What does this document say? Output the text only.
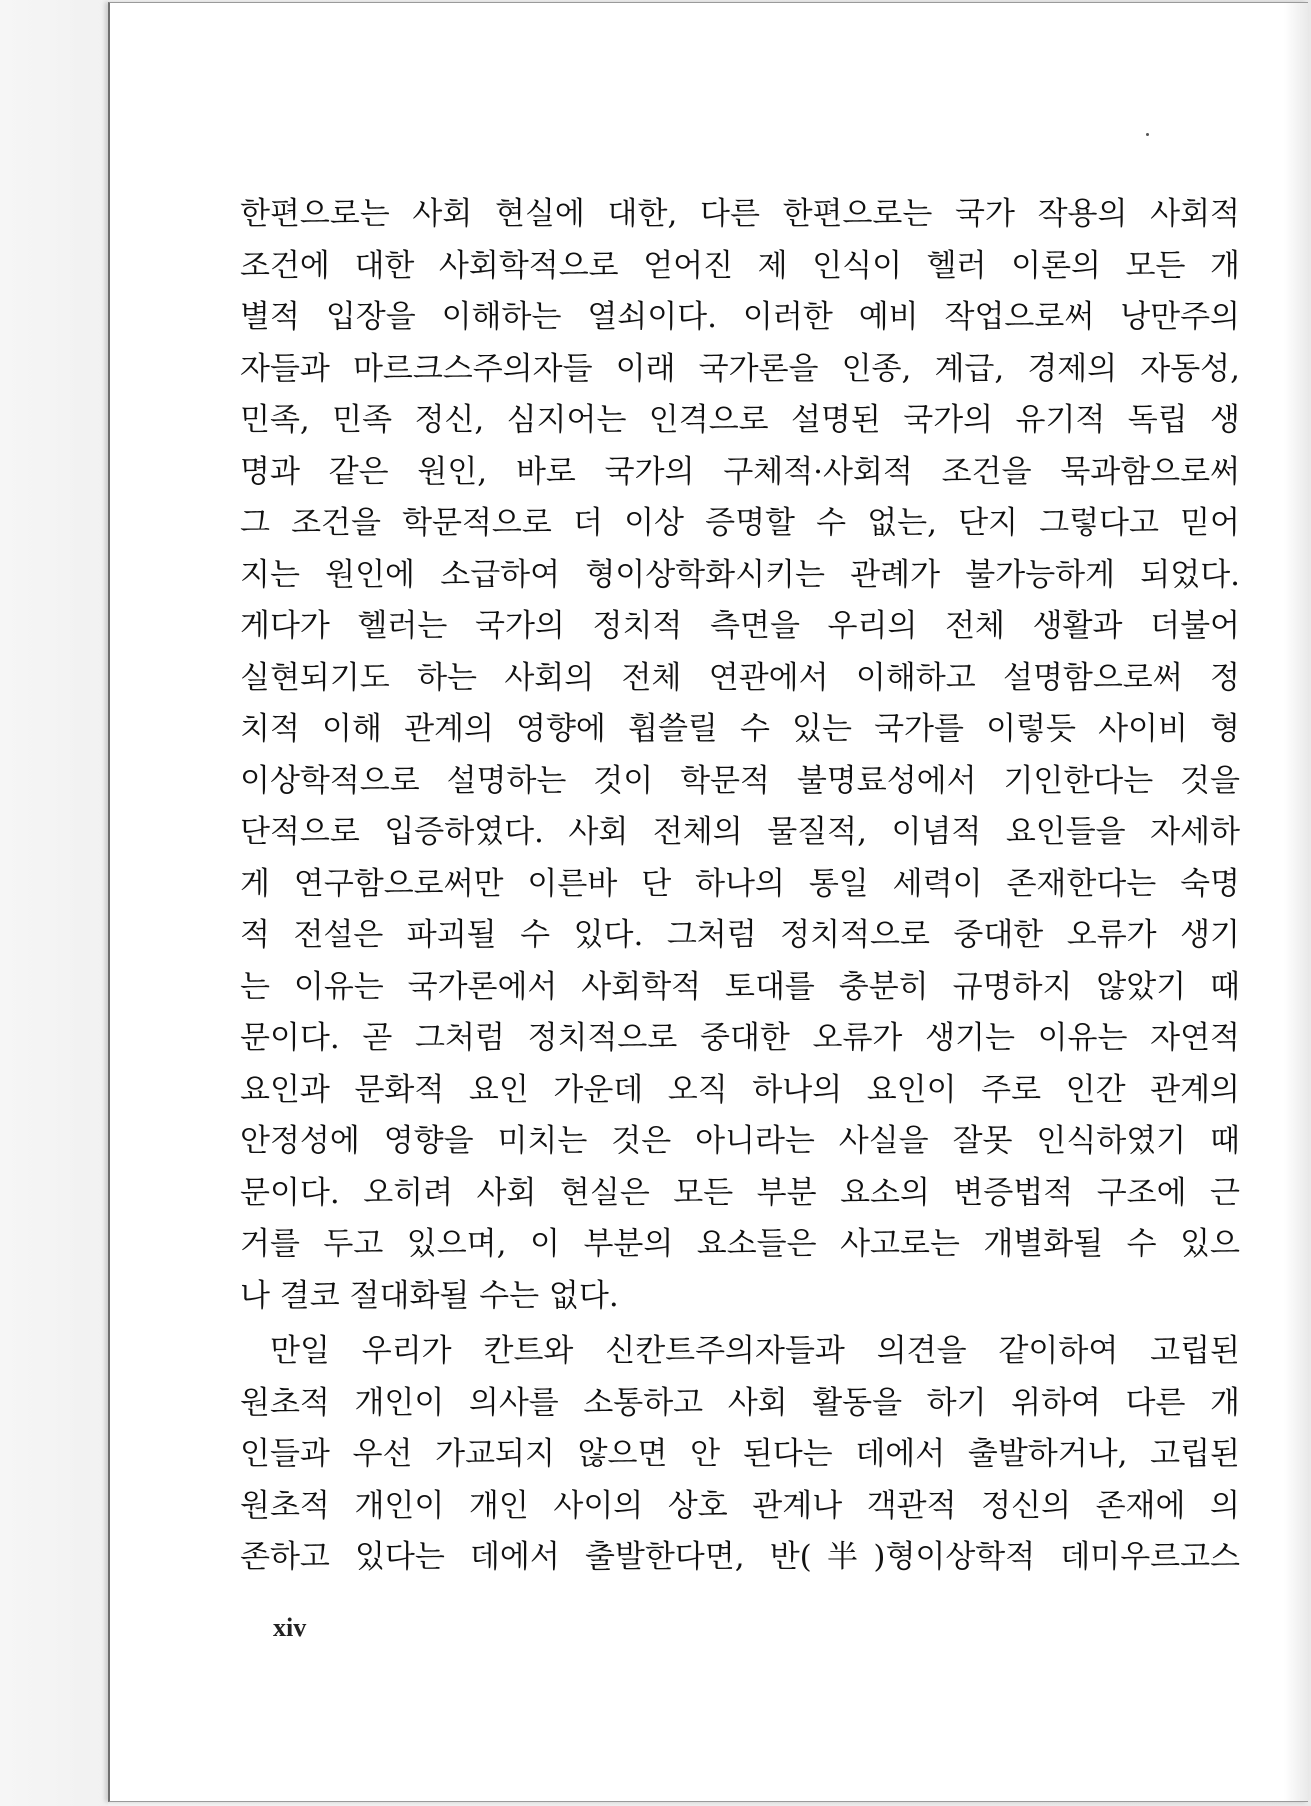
한편으로는 사회 현실에 대한, 다른 한편으로는 국가 작용의 사회적
조건에 대한 사회학적으로 얻어진 제 인식이 헬러 이론의 모든 개
별적 입장을 이해하는 열쇠이다. 이러한 예비 작업으로써 낭만주의
자들과 마르크스주의자들 이래 국가론을 인종, 계급, 경제의 자동성,
민족, 민족 정신, 심지어는 인격으로 설명된 국가의 유기적 독립 생
명과 같은 원인, 바로 국가의 구체적·사회적 조건을 묵과함으로써
그 조건을 학문적으로 더 이상 증명할 수 없는, 단지 그렇다고 믿어
지는 원인에 소급하여 형이상학화시키는 관례가 불가능하게 되었다.
게다가 헬러는 국가의 정치적 측면을 우리의 전체 생활과 더불어
실현되기도 하는 사회의 전체 연관에서 이해하고 설명함으로써 정
치적 이해 관계의 영향에 휩쓸릴 수 있는 국가를 이렇듯 사이비 형
이상학적으로 설명하는 것이 학문적 불명료성에서 기인한다는 것을
단적으로 입증하였다. 사회 전체의 물질적, 이념적 요인들을 자세하
게 연구함으로써만 이른바 단 하나의 통일 세력이 존재한다는 숙명
적 전설은 파괴될 수 있다. 그처럼 정치적으로 중대한 오류가 생기
는 이유는 국가론에서 사회학적 토대를 충분히 규명하지 않았기 때
문이다. 곧 그처럼 정치적으로 중대한 오류가 생기는 이유는 자연적
요인과 문화적 요인 가운데 오직 하나의 요인이 주로 인간 관계의
안정성에 영향을 미치는 것은 아니라는 사실을 잘못 인식하였기 때
문이다. 오히려 사회 현실은 모든 부분 요소의 변증법적 구조에 근
거를 두고 있으며, 이 부분의 요소들은 사고로는 개별화될 수 있으
나 결코 절대화될 수는 없다.
만일 우리가 칸트와 신칸트주의자들과 의견을 같이하여 고립된
원초적 개인이 의사를 소통하고 사회 활동을 하기 위하여 다른 개
인들과 우선 가교되지 않으면 안 된다는 데에서 출발하거나, 고립된
원초적 개인이 개인 사이의 상호 관계나 객관적 정신의 존재에 의
존하고 있다는 데에서 출발한다면, 반(半)형이상학적 데미우르고스
xiv
